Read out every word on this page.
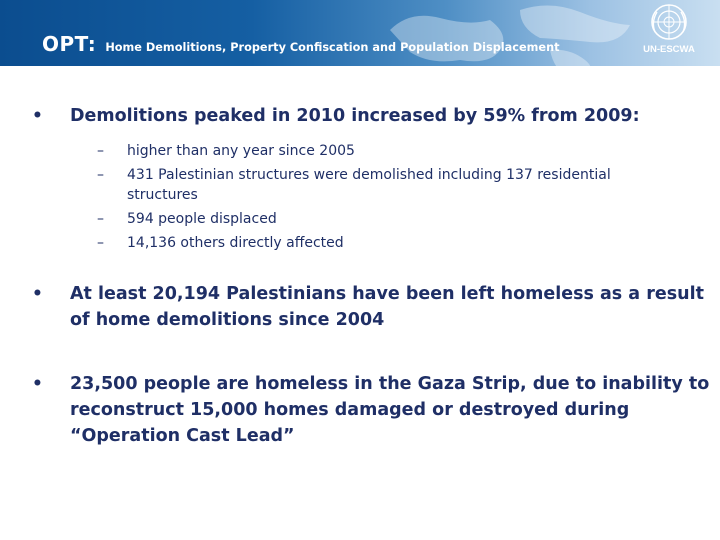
OPT: Home Demolitions, Property Confiscation and Population Displacement	UN-ESCWA
• Demolitions peaked in 2010 increased by 59% from 2009:
– higher than any year since 2005
– 431 Palestinian structures were demolished including 137 residential structures
– 594 people displaced
– 14,136 others directly affected
• At least 20,194 Palestinians have been left homeless as a result of home demolitions since 2004
• 23,500 people are homeless in the Gaza Strip, due to inability to reconstruct 15,000 homes damaged or destroyed during “Operation Cast Lead”
